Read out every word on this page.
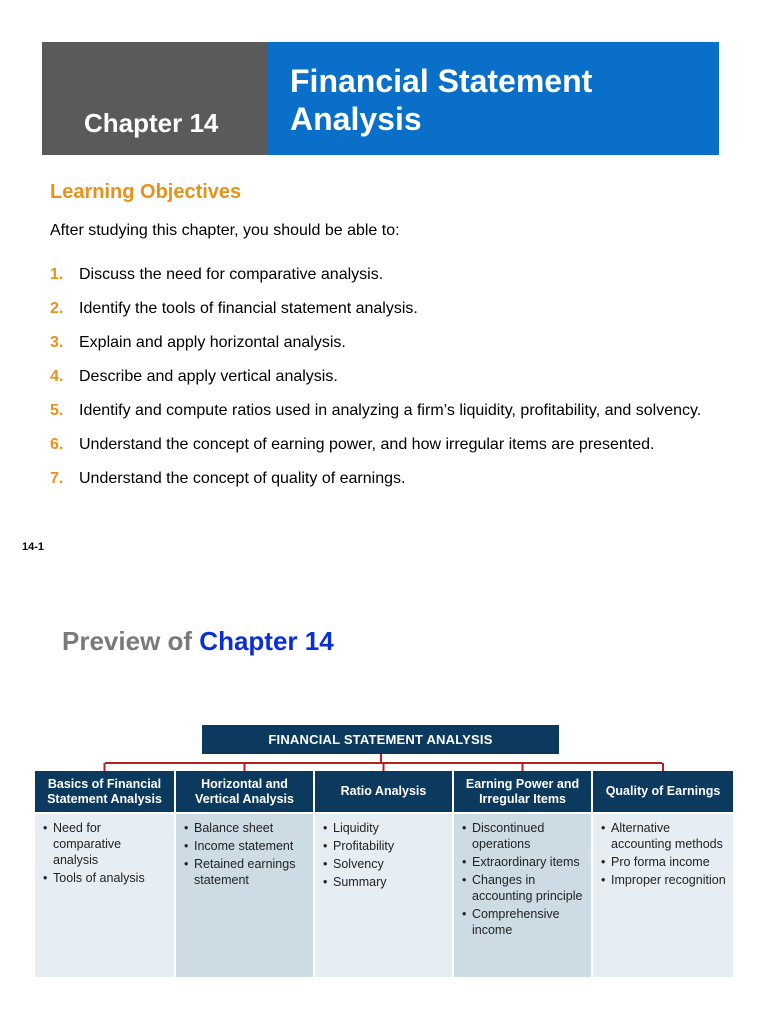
Chapter 14
Financial Statement
Analysis
Learning Objectives
After studying this chapter, you should be able to:
1. Discuss the need for comparative analysis.
2. Identify the tools of financial statement analysis.
3. Explain and apply horizontal analysis.
4. Describe and apply vertical analysis.
5. Identify and compute ratios used in analyzing a firm’s liquidity, profitability, and solvency.
6. Understand the concept of earning power, and how irregular items are presented.
7. Understand the concept of quality of earnings.
14-1
Preview of Chapter 14
FINANCIAL STATEMENT ANALYSIS
Basics of Financial Statement Analysis
• Need for comparative analysis
• Tools of analysis
Horizontal and Vertical Analysis
• Balance sheet
• Income statement
• Retained earnings statement
Ratio Analysis
• Liquidity
• Profitability
• Solvency
• Summary
Earning Power and Irregular Items
• Discontinued operations
• Extraordinary items
• Changes in accounting principle
• Comprehensive income
Quality of Earnings
• Alternative accounting methods
• Pro forma income
• Improper recognition
